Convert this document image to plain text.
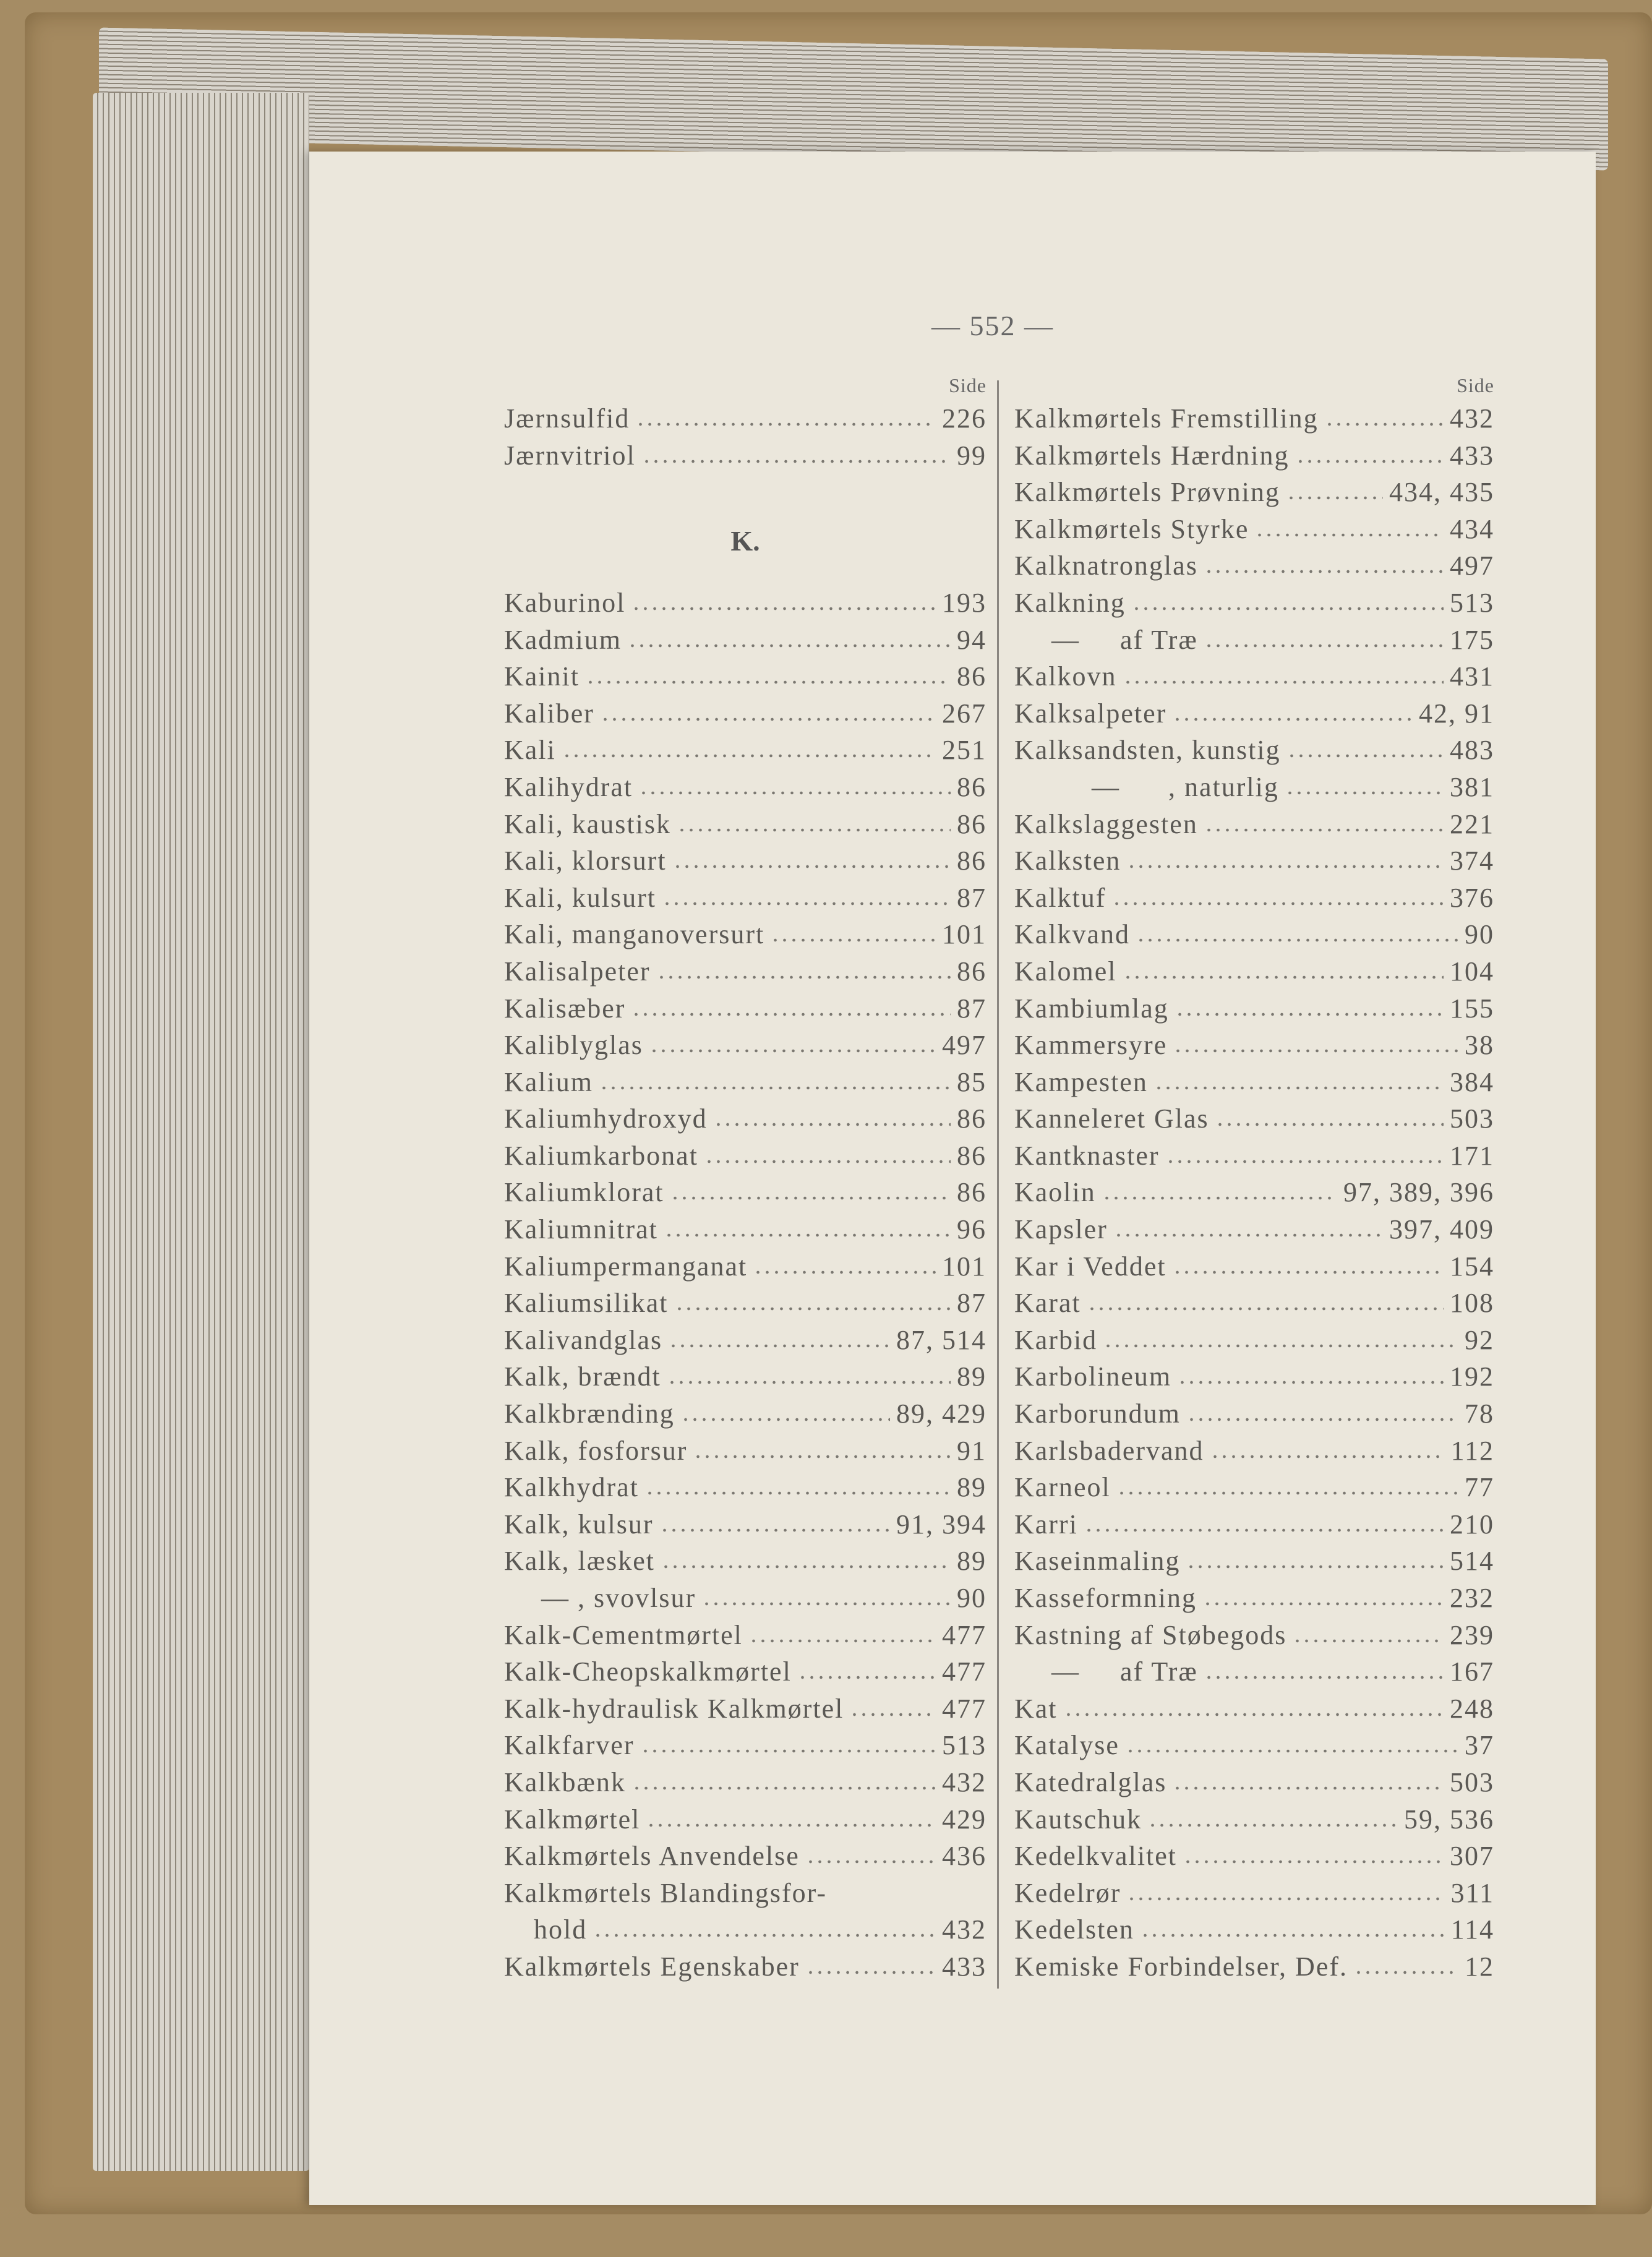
— 552 —
Side
Jærnsulfid	226
Jærnvitriol	99
K.
Kaburinol	193
Kadmium	94
Kainit	86
Kaliber	267
Kali	251
Kalihydrat	86
Kali, kaustisk	86
Kali, klorsurt	86
Kali, kulsurt	87
Kali, manganoversurt	101
Kalisalpeter	86
Kalisæber	87
Kaliblyglas	497
Kalium	85
Kaliumhydroxyd	86
Kaliumkarbonat	86
Kaliumklorat	86
Kaliumnitrat	96
Kaliumpermanganat	101
Kaliumsilikat	87
Kalivandglas	87, 514
Kalk, brændt	89
Kalkbrænding	89, 429
Kalk, fosforsur	91
Kalkhydrat	89
Kalk, kulsur	91, 394
Kalk, læsket	89
— , svovlsur	90
Kalk-Cementmørtel	477
Kalk-Cheopskalkmørtel	477
Kalk-hydraulisk Kalkmørtel	477
Kalkfarver	513
Kalkbænk	432
Kalkmørtel	429
Kalkmørtels Anvendelse	436
Kalkmørtels Blandingsfor-
hold	432
Kalkmørtels Egenskaber	433
Side
Kalkmørtels Fremstilling	432
Kalkmørtels Hærdning	433
Kalkmørtels Prøvning	434, 435
Kalkmørtels Styrke	434
Kalknatronglas	497
Kalkning	513
—     af Træ	175
Kalkovn	431
Kalksalpeter	42, 91
Kalksandsten, kunstig	483
—      , naturlig	381
Kalkslaggesten	221
Kalksten	374
Kalktuf	376
Kalkvand	90
Kalomel	104
Kambiumlag	155
Kammersyre	38
Kampesten	384
Kanneleret Glas	503
Kantknaster	171
Kaolin	97, 389, 396
Kapsler	397, 409
Kar i Veddet	154
Karat	108
Karbid	92
Karbolineum	192
Karborundum	78
Karlsbadervand	112
Karneol	77
Karri	210
Kaseinmaling	514
Kasseformning	232
Kastning af Støbegods	239
—     af Træ	167
Kat	248
Katalyse	37
Katedralglas	503
Kautschuk	59, 536
Kedelkvalitet	307
Kedelrør	311
Kedelsten	114
Kemiske Forbindelser, Def.	12
